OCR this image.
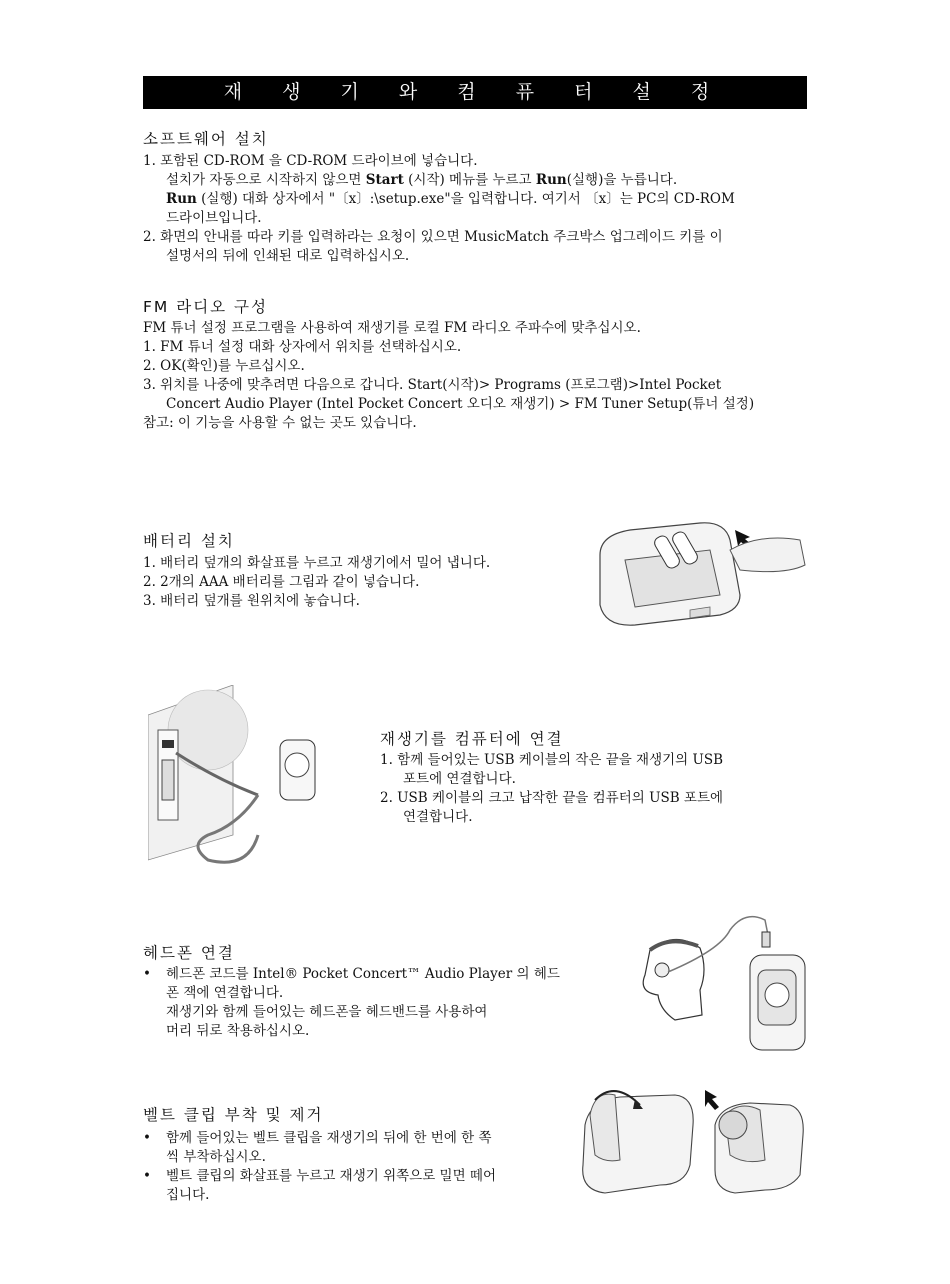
재 생 기 와 컴 퓨 터 설 정
소프트웨어 설치
1. 포함된 CD-ROM 을 CD-ROM 드라이브에 넣습니다.
설치가 자동으로 시작하지 않으면 Start (시작) 메뉴를 누르고 Run(실행)을 누릅니다.
Run (실행) 대화 상자에서 "〔x〕:\setup.exe"을 입력합니다. 여기서 〔x〕는 PC의 CD-ROM
드라이브입니다.
2. 화면의 안내를 따라 키를 입력하라는 요청이 있으면 MusicMatch 주크박스 업그레이드 키를 이
설명서의 뒤에 인쇄된 대로 입력하십시오.
FM 라디오 구성
FM 튜너 설정 프로그램을 사용하여 재생기를 로컬 FM 라디오 주파수에 맞추십시오.
1. FM 튜너 설정 대화 상자에서 위치를 선택하십시오.
2. OK(확인)를 누르십시오.
3. 위치를 나중에 맞추려면 다음으로 갑니다. Start(시작)> Programs (프로그램)>Intel Pocket
Concert Audio Player (Intel Pocket Concert 오디오 재생기) > FM Tuner Setup(튜너 설정)
참고: 이 기능을 사용할 수 없는 곳도 있습니다.
배터리 설치
1. 배터리 덮개의 화살표를 누르고 재생기에서 밀어 냅니다.
2. 2개의 AAA 배터리를 그림과 같이 넣습니다.
3. 배터리 덮개를 원위치에 놓습니다.
재생기를 컴퓨터에 연결
1. 함께 들어있는 USB 케이블의 작은 끝을 재생기의 USB
포트에 연결합니다.
2. USB 케이블의 크고 납작한 끝을 컴퓨터의 USB 포트에
연결합니다.
헤드폰 연결
• 헤드폰 코드를 Intel® Pocket Concert™ Audio Player 의 헤드
폰 잭에 연결합니다.
재생기와 함께 들어있는 헤드폰을 헤드밴드를 사용하여
머리 뒤로 착용하십시오.
벨트 클립 부착 및 제거
• 함께 들어있는 벨트 클립을 재생기의 뒤에 한 번에 한 쪽
씩 부착하십시오.
• 벨트 클립의 화살표를 누르고 재생기 위쪽으로 밀면 떼어
집니다.
